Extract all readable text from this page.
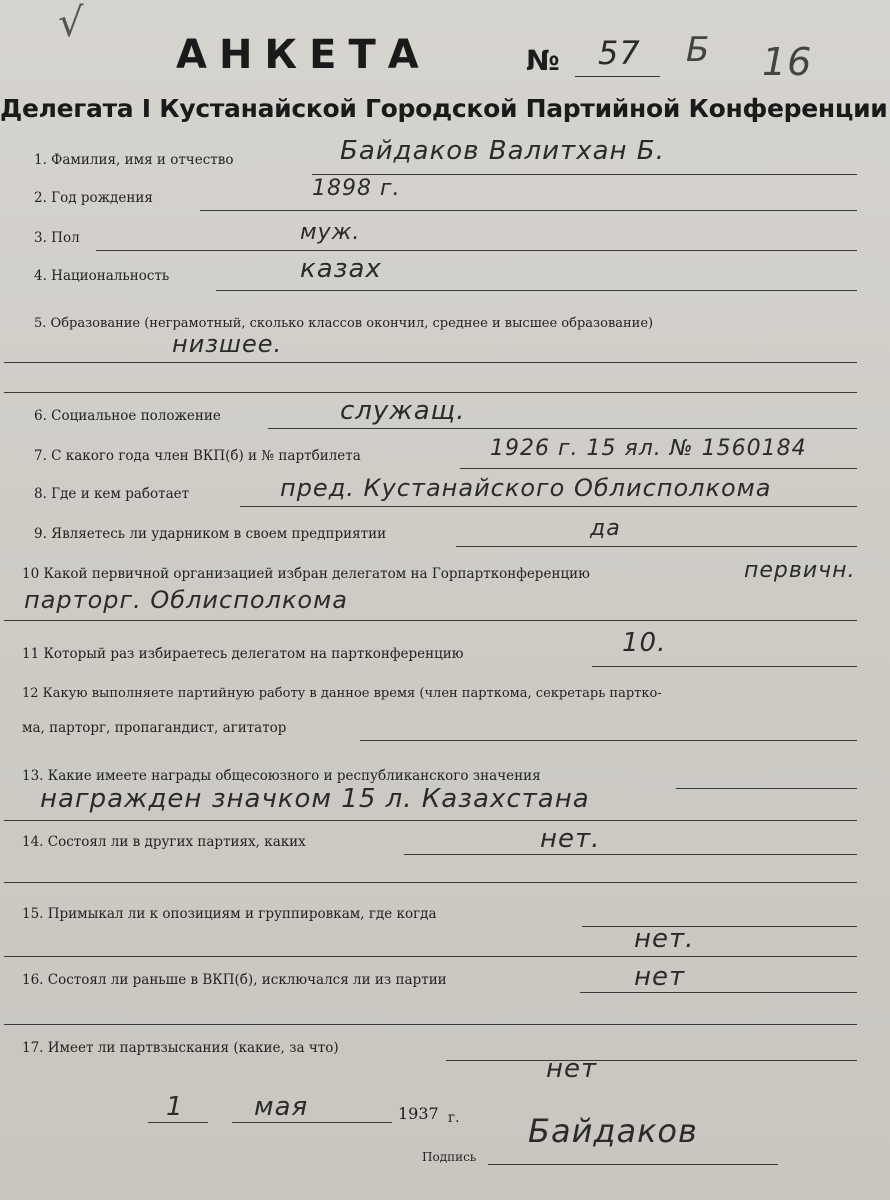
√
Б 16
АНКЕТА	№ 57
Делегата I Кустанайской Городской Партийной Конференции
1. Фамилия, имя и отчество	Байдаков Валитхан Б.
2. Год рождения	1898 г.
3. Пол	муж.
4. Национальность	казах
5. Образование (неграмотный, сколько классов окончил, среднее и высшее образование)
низшее.
6. Социальное положение	служащ.
7. С какого года член ВКП(б) и № партбилета	1926 г. 15 ял. № 1560184
8. Где и кем работает	пред. Кустанайского Облисполкома
9. Являетесь ли ударником в своем предприятии	да
10 Какой первичной организацией избран делегатом на Горпартконференцию	первичн.
парторг. Облисполкома
11 Который раз избираетесь делегатом на партконференцию	10.
12 Какую выполняете партийную работу в данное время (член парткома, секретарь партко-
ма, парторг, пропагандист, агитатор
13. Какие имеете награды общесоюзного и республиканского значения
награжден значком 15 л. Казахстана
14. Состоял ли в других партиях, каких	нет.
15. Примыкал ли к опозициям и группировкам, где когда
нет.
16. Состоял ли раньше в ВКП(б), исключался ли из партии	нет
17. Имеет ли партвзыскания (какие, за что)
нет
1	мая	1937 г.
Подпись
Байдаков
